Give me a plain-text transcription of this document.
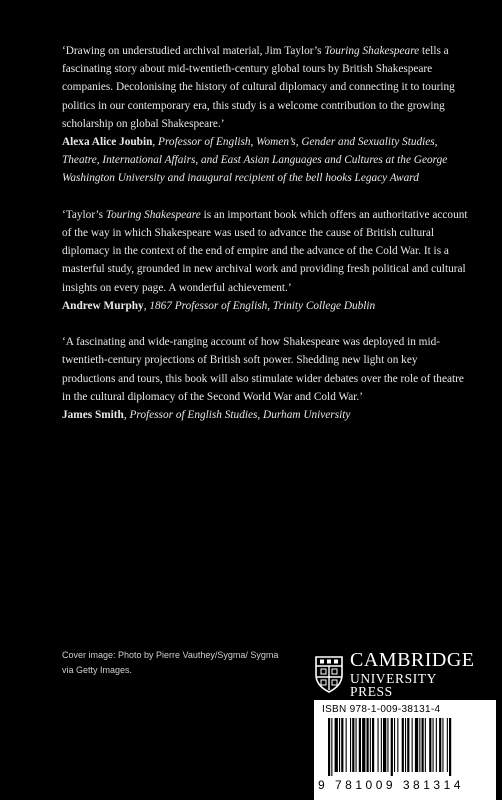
‘Drawing on understudied archival material, Jim Taylor’s Touring Shakespeare tells a fascinating story about mid-twentieth-century global tours by British Shakespeare companies. Decolonising the history of cultural diplomacy and connecting it to touring politics in our contemporary era, this study is a welcome contribution to the growing scholarship on global Shakespeare.’

Alexa Alice Joubin, Professor of English, Women’s, Gender and Sexuality Studies, Theatre, International Affairs, and East Asian Languages and Cultures at the George Washington University and inaugural recipient of the bell hooks Legacy Award

‘Taylor’s Touring Shakespeare is an important book which offers an authoritative account of the way in which Shakespeare was used to advance the cause of British cultural diplomacy in the context of the end of empire and the advance of the Cold War. It is a masterful study, grounded in new archival work and providing fresh political and cultural insights on every page. A wonderful achievement.’

Andrew Murphy, 1867 Professor of English, Trinity College Dublin

‘A fascinating and wide-ranging account of how Shakespeare was deployed in mid-twentieth-century projections of British soft power. Shedding new light on key productions and tours, this book will also stimulate wider debates over the role of theatre in the cultural diplomacy of the Second World War and Cold War.’

James Smith, Professor of English Studies, Durham University

Cover image: Photo by Pierre Vauthey/Sygma/ Sygma via Getty Images.	CAMBRIDGE
UNIVERSITY PRESS
ISBN 978-1-009-38131-4
9 781009 381314
